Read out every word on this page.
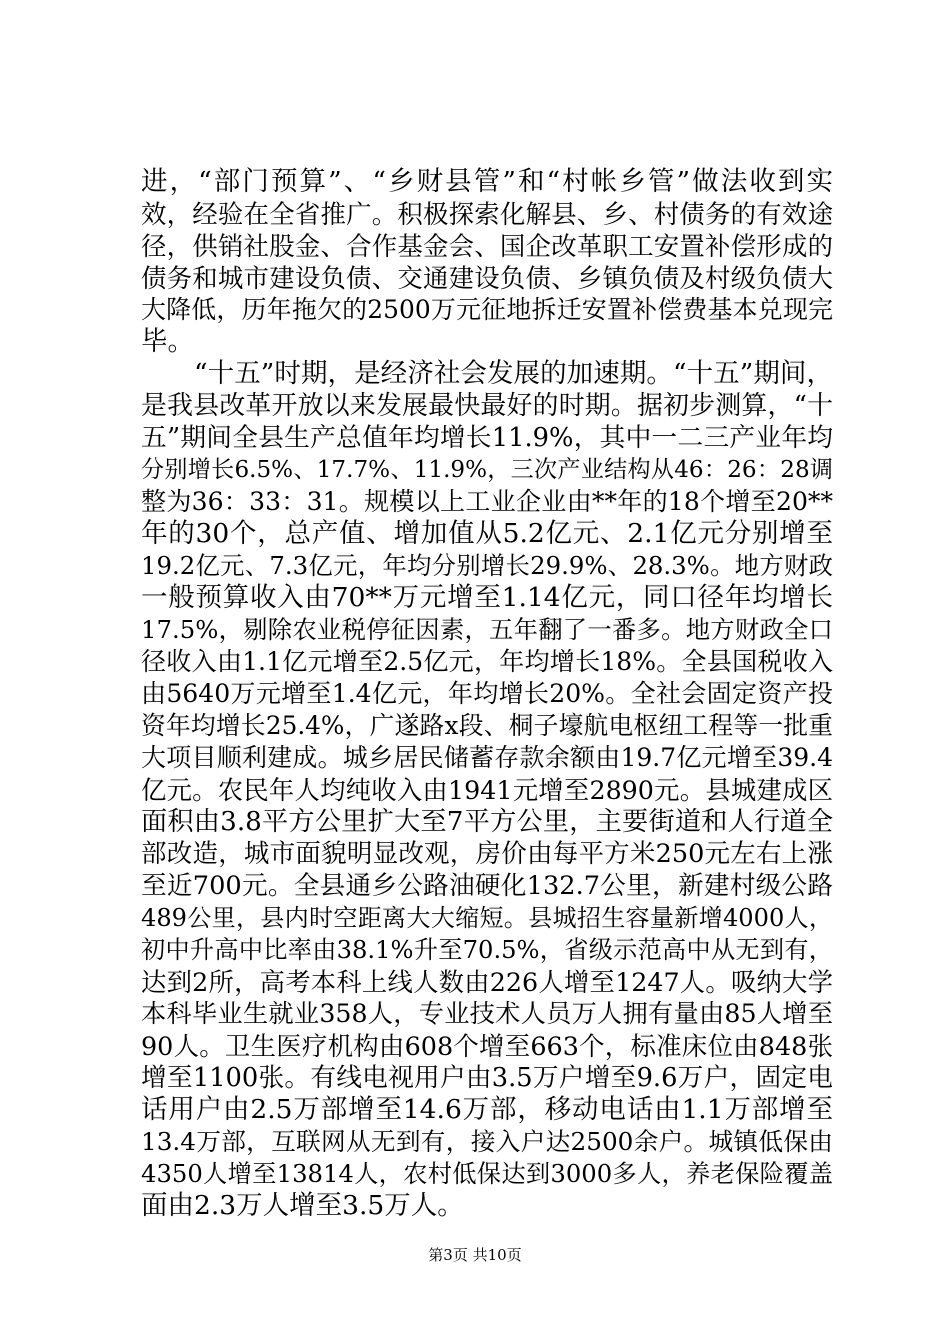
进，“部门预算”、“乡财县管”和“村帐乡管”做法收到实
效，经验在全省推广。积极探索化解县、乡、村债务的有效途
径，供销社股金、合作基金会、国企改革职工安置补偿形成的
债务和城市建设负债、交通建设负债、乡镇负债及村级负债大
大降低，历年拖欠的2500万元征地拆迁安置补偿费基本兑现完
毕。
“十五”时期，是经济社会发展的加速期。“十五”期间，
是我县改革开放以来发展最快最好的时期。据初步测算，“十
五”期间全县生产总值年均增长11.9%，其中一二三产业年均
分别增长6.5%、17.7%、11.9%，三次产业结构从46：26：28调
整为36：33：31。规模以上工业企业由**年的18个增至20**
年的30个，总产值、增加值从5.2亿元、2.1亿元分别增至
19.2亿元、7.3亿元，年均分别增长29.9%、28.3%。地方财政
一般预算收入由70**万元增至1.14亿元，同口径年均增长
17.5%，剔除农业税停征因素，五年翻了一番多。地方财政全口
径收入由1.1亿元增至2.5亿元，年均增长18%。全县国税收入
由5640万元增至1.4亿元，年均增长20%。全社会固定资产投
资年均增长25.4%，广遂路x段、桐子壕航电枢纽工程等一批重
大项目顺利建成。城乡居民储蓄存款余额由19.7亿元增至39.4
亿元。农民年人均纯收入由1941元增至2890元。县城建成区
面积由3.8平方公里扩大至7平方公里，主要街道和人行道全
部改造，城市面貌明显改观，房价由每平方米250元左右上涨
至近700元。全县通乡公路油硬化132.7公里，新建村级公路
489公里，县内时空距离大大缩短。县城招生容量新增4000人，
初中升高中比率由38.1%升至70.5%，省级示范高中从无到有，
达到2所，高考本科上线人数由226人增至1247人。吸纳大学
本科毕业生就业358人，专业技术人员万人拥有量由85人增至
90人。卫生医疗机构由608个增至663个，标准床位由848张
增至1100张。有线电视用户由3.5万户增至9.6万户，固定电
话用户由2.5万部增至14.6万部，移动电话由1.1万部增至
13.4万部，互联网从无到有，接入户达2500余户。城镇低保由
4350人增至13814人，农村低保达到3000多人，养老保险覆盖
面由2.3万人增至3.5万人。
第3页 共10页
